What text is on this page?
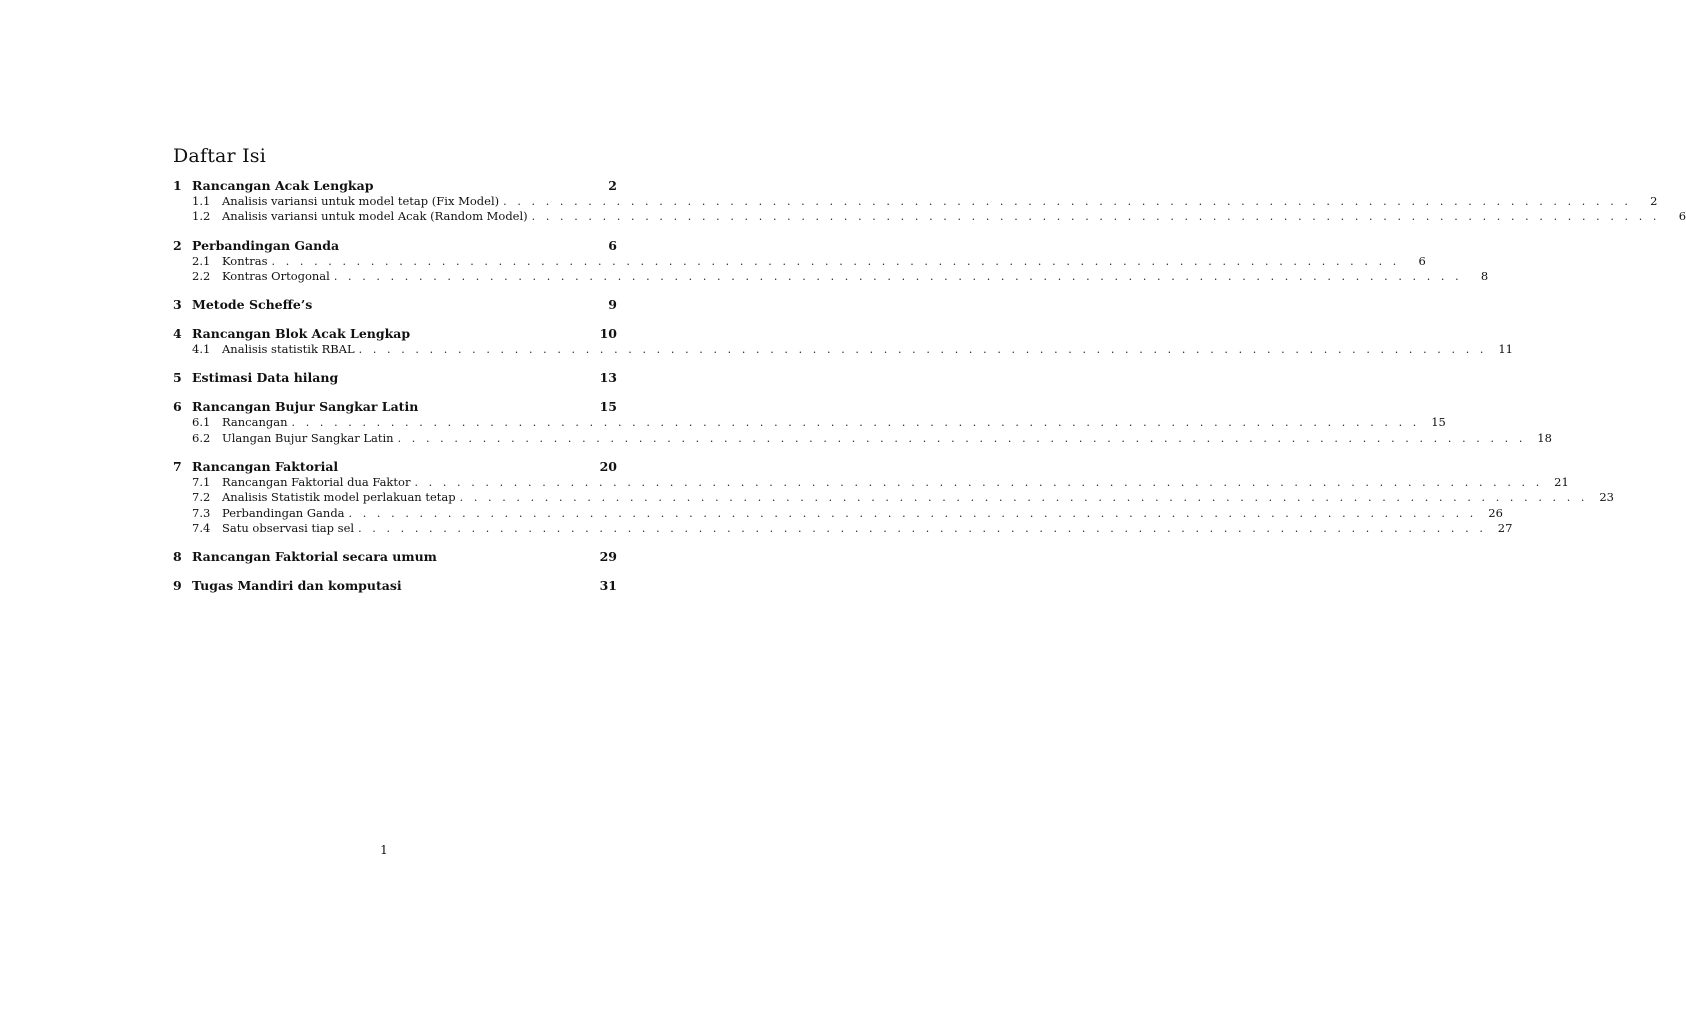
Daftar Isi
1 Rancangan Acak Lengkap	2
1.1	Analisis variansi untuk model tetap (Fix Model) . . . . . . . . . . . . . . . . . . . . . . . . . . . . . . . . . . . . . . . . . . . . . . . . . . . . . . . . . . . . . . . . . . . . . . . . . . . . . . . .	2
1.2	Analisis variansi untuk model Acak (Random Model) . . . . . . . . . . . . . . . . . . . . . . . . . . . . . . . . . . . . . . . . . . . . . . . . . . . . . . . . . . . . . . . . . . . . . . . . . . . . . . . .	6
2 Perbandingan Ganda	6
2.1	Kontras . . . . . . . . . . . . . . . . . . . . . . . . . . . . . . . . . . . . . . . . . . . . . . . . . . . . . . . . . . . . . . . . . . . . . . . . . . . . . . . .	6
2.2	Kontras Ortogonal . . . . . . . . . . . . . . . . . . . . . . . . . . . . . . . . . . . . . . . . . . . . . . . . . . . . . . . . . . . . . . . . . . . . . . . . . . . . . . . .	8
3 Metode Scheffe’s	9
4 Rancangan Blok Acak Lengkap	10
4.1	Analisis statistik RBAL . . . . . . . . . . . . . . . . . . . . . . . . . . . . . . . . . . . . . . . . . . . . . . . . . . . . . . . . . . . . . . . . . . . . . . . . . . . . . . . . 11
5 Estimasi Data hilang	13
6 Rancangan Bujur Sangkar Latin	15
6.1	Rancangan . . . . . . . . . . . . . . . . . . . . . . . . . . . . . . . . . . . . . . . . . . . . . . . . . . . . . . . . . . . . . . . . . . . . . . . . . . . . . . . . 15
6.2	Ulangan Bujur Sangkar Latin . . . . . . . . . . . . . . . . . . . . . . . . . . . . . . . . . . . . . . . . . . . . . . . . . . . . . . . . . . . . . . . . . . . . . . . . . . . . . . . . 18
7 Rancangan Faktorial	20
7.1	Rancangan Faktorial dua Faktor . . . . . . . . . . . . . . . . . . . . . . . . . . . . . . . . . . . . . . . . . . . . . . . . . . . . . . . . . . . . . . . . . . . . . . . . . . . . . . . . 21
7.2	Analisis Statistik model perlakuan tetap . . . . . . . . . . . . . . . . . . . . . . . . . . . . . . . . . . . . . . . . . . . . . . . . . . . . . . . . . . . . . . . . . . . . . . . . . . . . . . . . 23
7.3	Perbandingan Ganda . . . . . . . . . . . . . . . . . . . . . . . . . . . . . . . . . . . . . . . . . . . . . . . . . . . . . . . . . . . . . . . . . . . . . . . . . . . . . . . . 26
7.4	Satu observasi tiap sel . . . . . . . . . . . . . . . . . . . . . . . . . . . . . . . . . . . . . . . . . . . . . . . . . . . . . . . . . . . . . . . . . . . . . . . . . . . . . . . . 27
8 Rancangan Faktorial secara umum	29
9 Tugas Mandiri dan komputasi	31
1
